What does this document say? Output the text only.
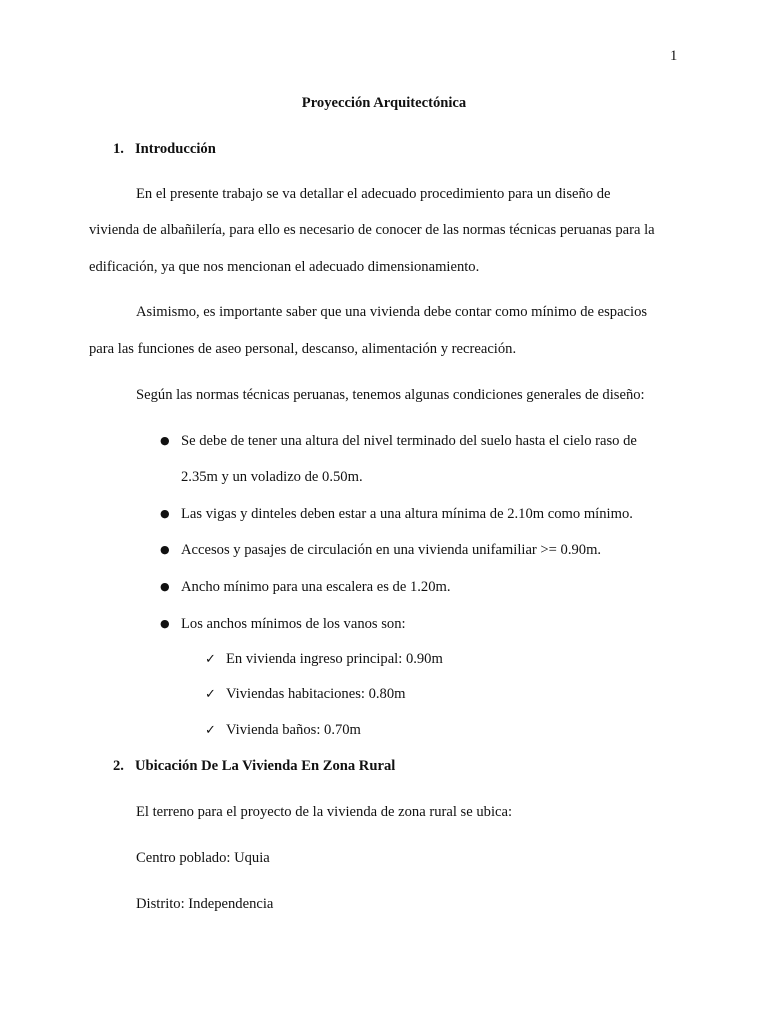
1
Proyección Arquitectónica
1. Introducción
En el presente trabajo se va detallar el adecuado procedimiento para un diseño de
vivienda de albañilería, para ello es necesario de conocer de las normas técnicas peruanas para la
edificación, ya que nos mencionan el adecuado dimensionamiento.
Asimismo, es importante saber que una vivienda debe contar como mínimo de espacios
para las funciones de aseo personal, descanso, alimentación y recreación.
Según las normas técnicas peruanas, tenemos algunas condiciones generales de diseño:
● Se debe de tener una altura del nivel terminado del suelo hasta el cielo raso de
2.35m y un voladizo de 0.50m.
● Las vigas y dinteles deben estar a una altura mínima de 2.10m como mínimo.
● Accesos y pasajes de circulación en una vivienda unifamiliar >= 0.90m.
● Ancho mínimo para una escalera es de 1.20m.
● Los anchos mínimos de los vanos son:
✓ En vivienda ingreso principal: 0.90m
✓ Viviendas habitaciones: 0.80m
✓ Vivienda baños: 0.70m
2. Ubicación De La Vivienda En Zona Rural
El terreno para el proyecto de la vivienda de zona rural se ubica:
Centro poblado: Uquia
Distrito: Independencia
